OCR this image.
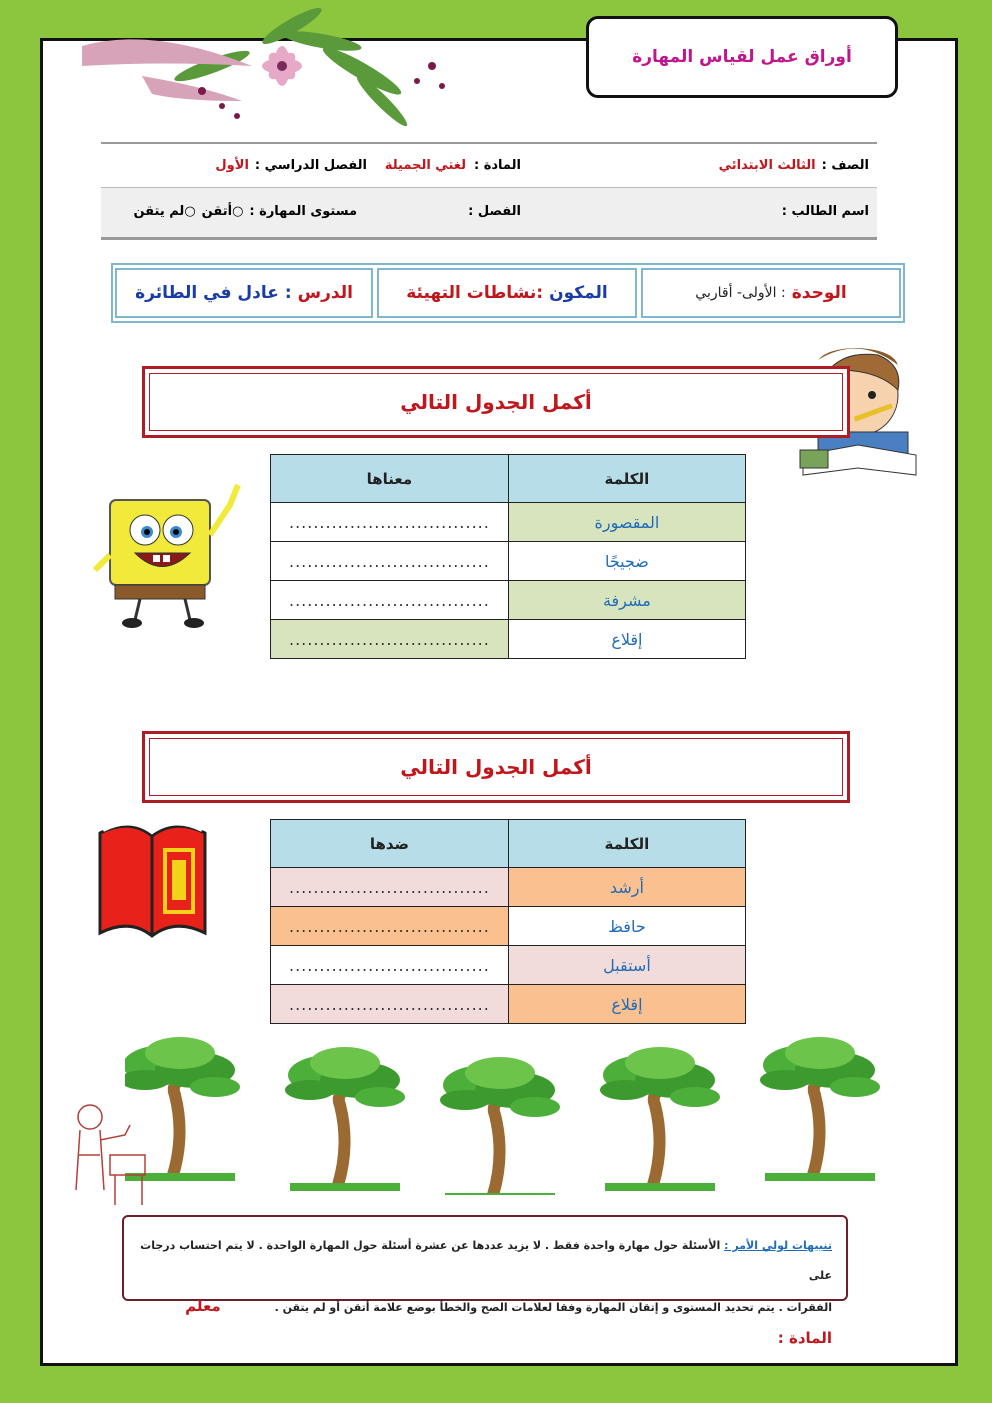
أوراق عمل لقياس المهارة
الصف :
الثالث الابتدائي
المادة :
لغتي الجميلة
الفصل الدراسي :
الأول
اسم الطالب :
الفصل :
مستوى المهارة :
○
أتقن
○
لم يتقن
الوحدة
: الأولى- أقاربي
المكون
:نشاطات التهيئة
الدرس
: عادل في الطائرة
أكمل الجدول التالي
الكلمة	معناها
المقصورة	.................................
ضجيجًا	.................................
مشرفة	.................................
إقلاع	.................................
أكمل الجدول التالي
الكلمة	ضدها
أرشد	.................................
حافظ	.................................
أستقبل	.................................
إقلاع	.................................
تنبيهات لولي الأمر : الأسئلة حول مهارة واحدة فقط . لا يزيد عددها عن عشرة أسئلة حول المهارة الواحدة . لا يتم احتساب درجات على
الفقرات . يتم تحديد المستوى و إتقان المهارة وفقا لعلامات الصح والخطأ بوضع علامة أتقن أو لم يتقن . معلم المادة :
